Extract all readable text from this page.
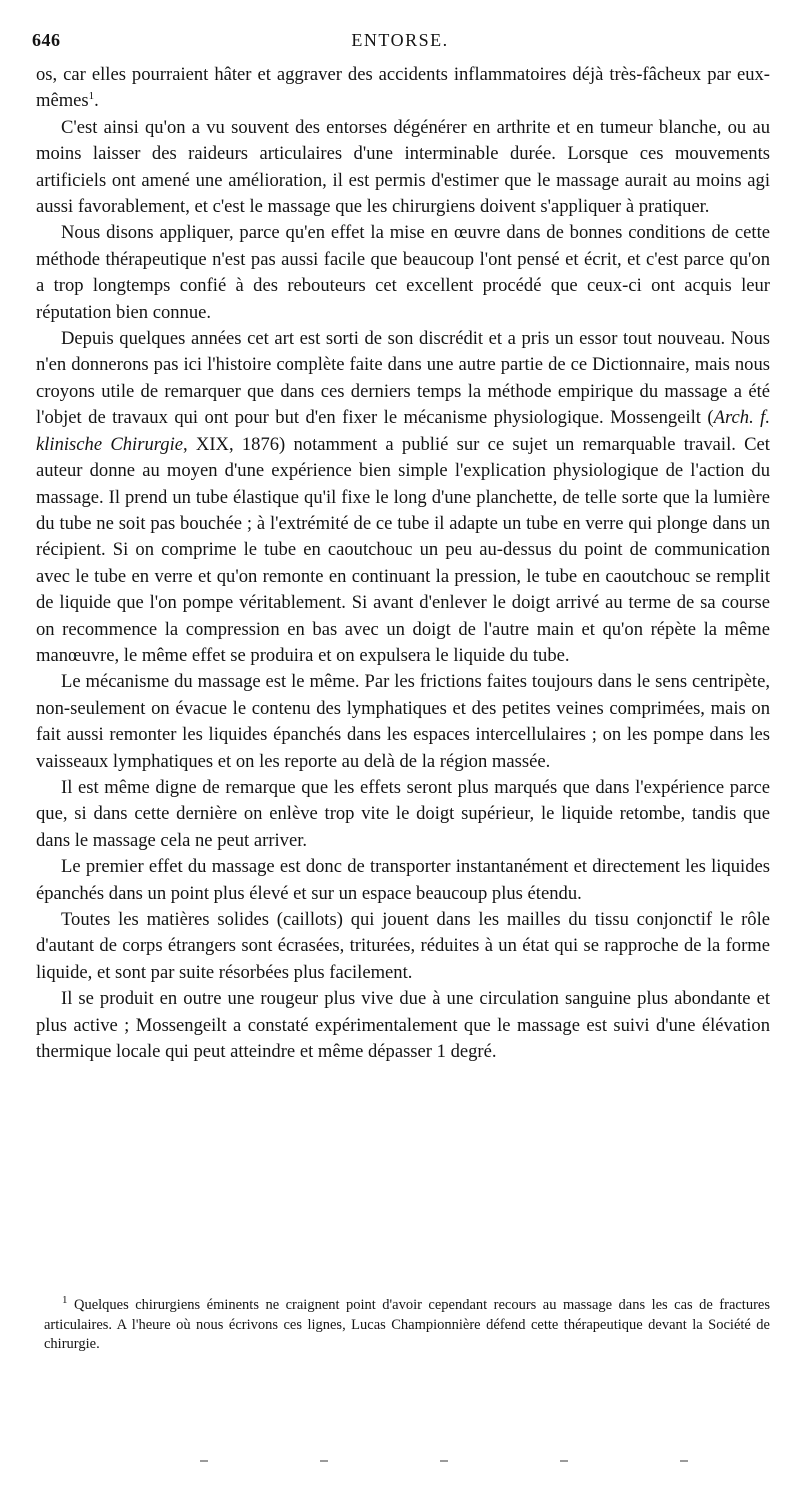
646	ENTORSE.

os, car elles pourraient hâter et aggraver des accidents inflammatoires déjà très-fâcheux par eux-mêmes$^1$.

C'est ainsi qu'on a vu souvent des entorses dégénérer en arthrite et en tumeur blanche, ou au moins laisser des raideurs articulaires d'une interminable durée. Lorsque ces mouvements artificiels ont amené une amélioration, il est permis d'estimer que le massage aurait au moins agi aussi favorablement, et c'est le massage que les chirurgiens doivent s'appliquer à pratiquer.

Nous disons appliquer, parce qu'en effet la mise en œuvre dans de bonnes conditions de cette méthode thérapeutique n'est pas aussi facile que beaucoup l'ont pensé et écrit, et c'est parce qu'on a trop longtemps confié à des rebouteurs cet excellent procédé que ceux-ci ont acquis leur réputation bien connue.

Depuis quelques années cet art est sorti de son discrédit et a pris un essor tout nouveau. Nous n'en donnerons pas ici l'histoire complète faite dans une autre partie de ce Dictionnaire, mais nous croyons utile de remarquer que dans ces derniers temps la méthode empirique du massage a été l'objet de travaux qui ont pour but d'en fixer le mécanisme physiologique. Mossengeilt (Arch. f. klinische Chirurgie, XIX, 1876) notamment a publié sur ce sujet un remarquable travail. Cet auteur donne au moyen d'une expérience bien simple l'explication physiologique de l'action du massage. Il prend un tube élastique qu'il fixe le long d'une planchette, de telle sorte que la lumière du tube ne soit pas bouchée ; à l'extrémité de ce tube il adapte un tube en verre qui plonge dans un récipient. Si on comprime le tube en caoutchouc un peu au-dessus du point de communication avec le tube en verre et qu'on remonte en continuant la pression, le tube en caoutchouc se remplit de liquide que l'on pompe véritablement. Si avant d'enlever le doigt arrivé au terme de sa course on recommence la compression en bas avec un doigt de l'autre main et qu'on répète la même manœuvre, le même effet se produira et on expulsera le liquide du tube.

Le mécanisme du massage est le même. Par les frictions faites toujours dans le sens centripète, non-seulement on évacue le contenu des lymphatiques et des petites veines comprimées, mais on fait aussi remonter les liquides épanchés dans les espaces intercellulaires ; on les pompe dans les vaisseaux lymphatiques et on les reporte au delà de la région massée.

Il est même digne de remarque que les effets seront plus marqués que dans l'expérience parce que, si dans cette dernière on enlève trop vite le doigt supérieur, le liquide retombe, tandis que dans le massage cela ne peut arriver.

Le premier effet du massage est donc de transporter instantanément et directement les liquides épanchés dans un point plus élevé et sur un espace beaucoup plus étendu.

Toutes les matières solides (caillots) qui jouent dans les mailles du tissu conjonctif le rôle d'autant de corps étrangers sont écrasées, triturées, réduites à un état qui se rapproche de la forme liquide, et sont par suite résorbées plus facilement.

Il se produit en outre une rougeur plus vive due à une circulation sanguine plus abondante et plus active ; Mossengeilt a constaté expérimentalement que le massage est suivi d'une élévation thermique locale qui peut atteindre et même dépasser 1 degré.

$^1$ Quelques chirurgiens éminents ne craignent point d'avoir cependant recours au massage dans les cas de fractures articulaires. A l'heure où nous écrivons ces lignes, Lucas Championnière défend cette thérapeutique devant la Société de chirurgie.
